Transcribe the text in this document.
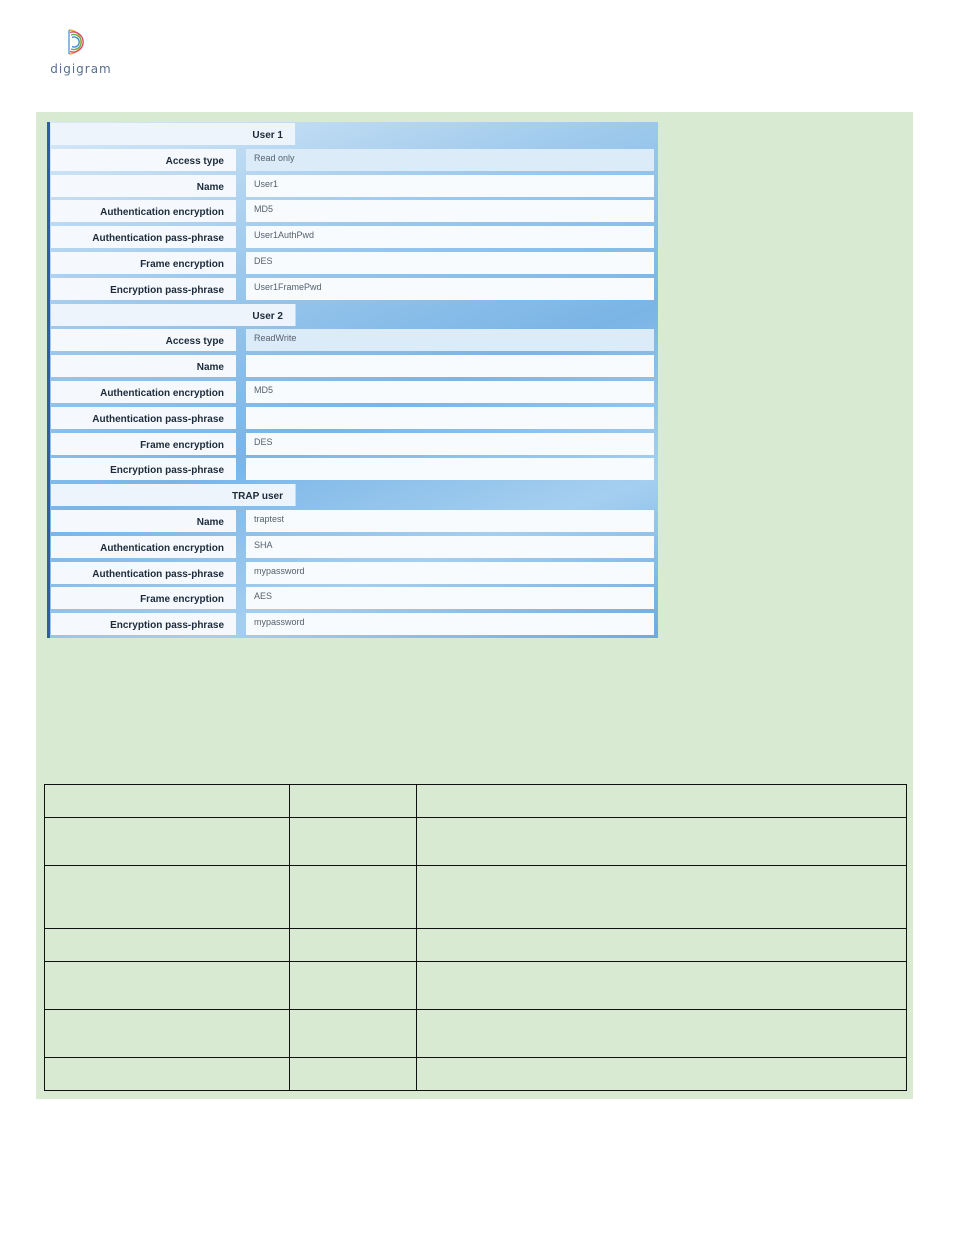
digigram
User 1
Access type	Read only
Name	User1
Authentication encryption	MD5
Authentication pass-phrase	User1AuthPwd
Frame encryption	DES
Encryption pass-phrase	User1FramePwd
User 2
Access type	ReadWrite
Name
Authentication encryption	MD5
Authentication pass-phrase
Frame encryption	DES
Encryption pass-phrase
TRAP user
Name	traptest
Authentication encryption	SHA
Authentication pass-phrase	mypassword
Frame encryption	AES
Encryption pass-phrase	mypassword
